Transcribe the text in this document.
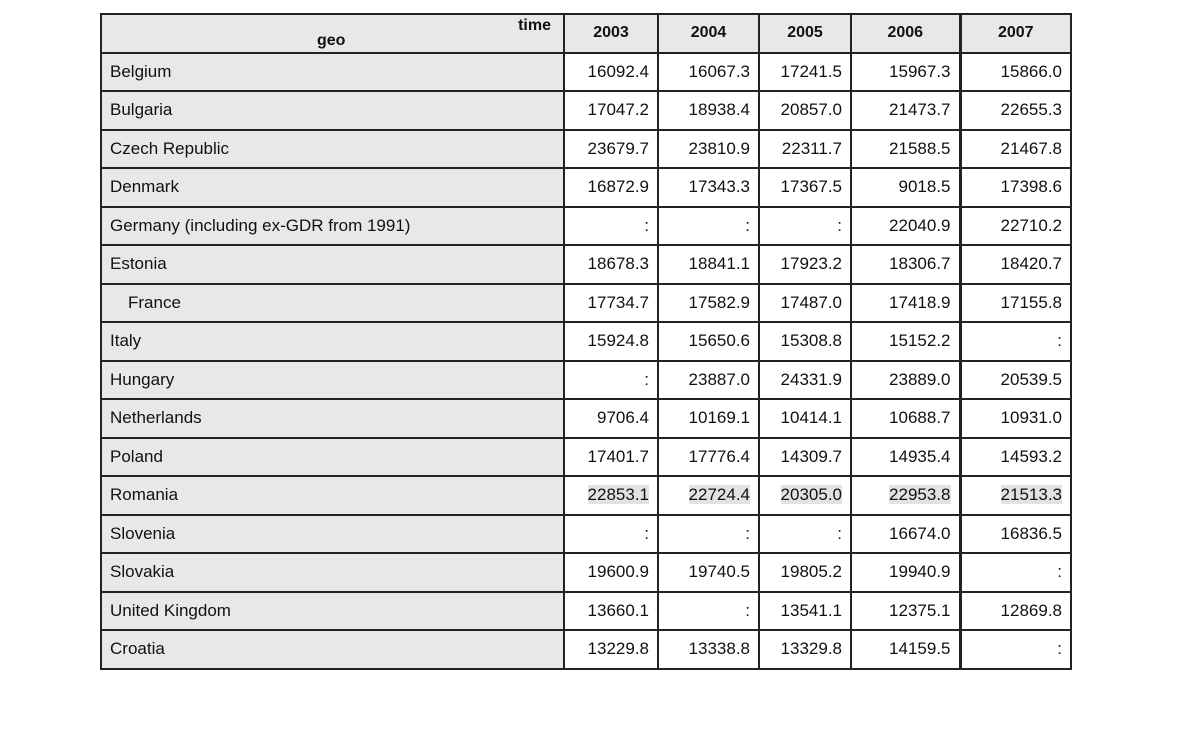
time
geo	2003	2004	2005	2006	2007
Belgium	16092.4	16067.3	17241.5	15967.3	15866.0
Bulgaria	17047.2	18938.4	20857.0	21473.7	22655.3
Czech Republic	23679.7	23810.9	22311.7	21588.5	21467.8
Denmark	16872.9	17343.3	17367.5	9018.5	17398.6
Germany (including ex-GDR from 1991)	:	:	:	22040.9	22710.2
Estonia	18678.3	18841.1	17923.2	18306.7	18420.7
France	17734.7	17582.9	17487.0	17418.9	17155.8
Italy	15924.8	15650.6	15308.8	15152.2	:
Hungary	:	23887.0	24331.9	23889.0	20539.5
Netherlands	9706.4	10169.1	10414.1	10688.7	10931.0
Poland	17401.7	17776.4	14309.7	14935.4	14593.2
Romania	22853.1	22724.4	20305.0	22953.8	21513.3
Slovenia	:	:	:	16674.0	16836.5
Slovakia	19600.9	19740.5	19805.2	19940.9	:
United Kingdom	13660.1	:	13541.1	12375.1	12869.8
Croatia	13229.8	13338.8	13329.8	14159.5	:
